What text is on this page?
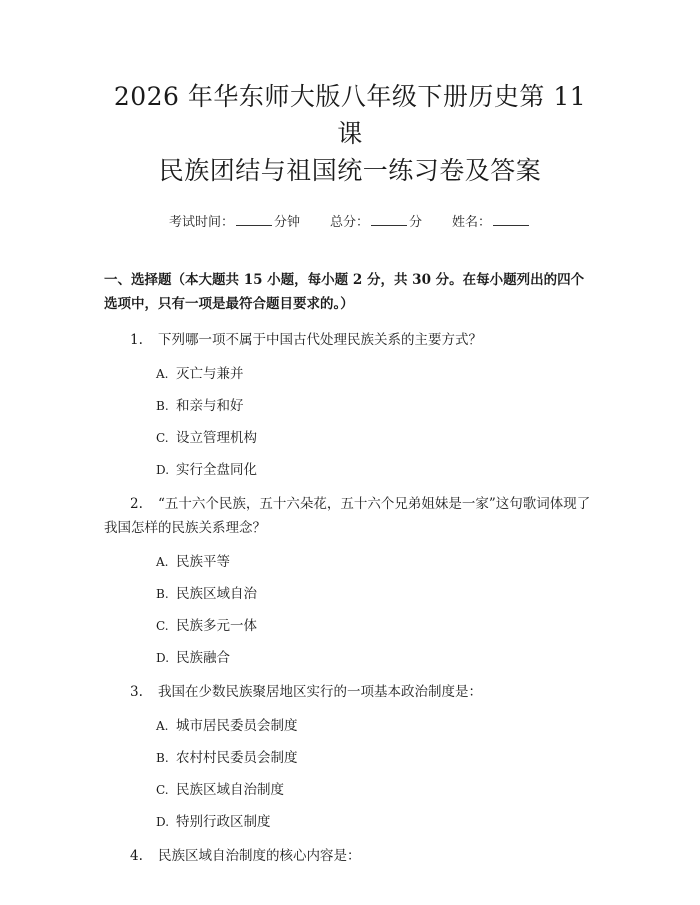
2026 年华东师大版八年级下册历史第 11 课
民族团结与祖国统一练习卷及答案
考试时间：	分钟 总分：	分 姓名：
一、选择题（本大题共 15 小题，每小题 2 分，共 30 分。在每小题列出的四个选项中，只有一项是最符合题目要求的。）
1. 下列哪一项不属于中国古代处理民族关系的主要方式？
A. 灭亡与兼并
B. 和亲与和好
C. 设立管理机构
D. 实行全盘同化
2. “五十六个民族，五十六朵花，五十六个兄弟姐妹是一家”这句歌词体现了我国怎样的民族关系理念？
A. 民族平等
B. 民族区域自治
C. 民族多元一体
D. 民族融合
3. 我国在少数民族聚居地区实行的一项基本政治制度是：
A. 城市居民委员会制度
B. 农村村民委员会制度
C. 民族区域自治制度
D. 特别行政区制度
4. 民族区域自治制度的核心内容是：
